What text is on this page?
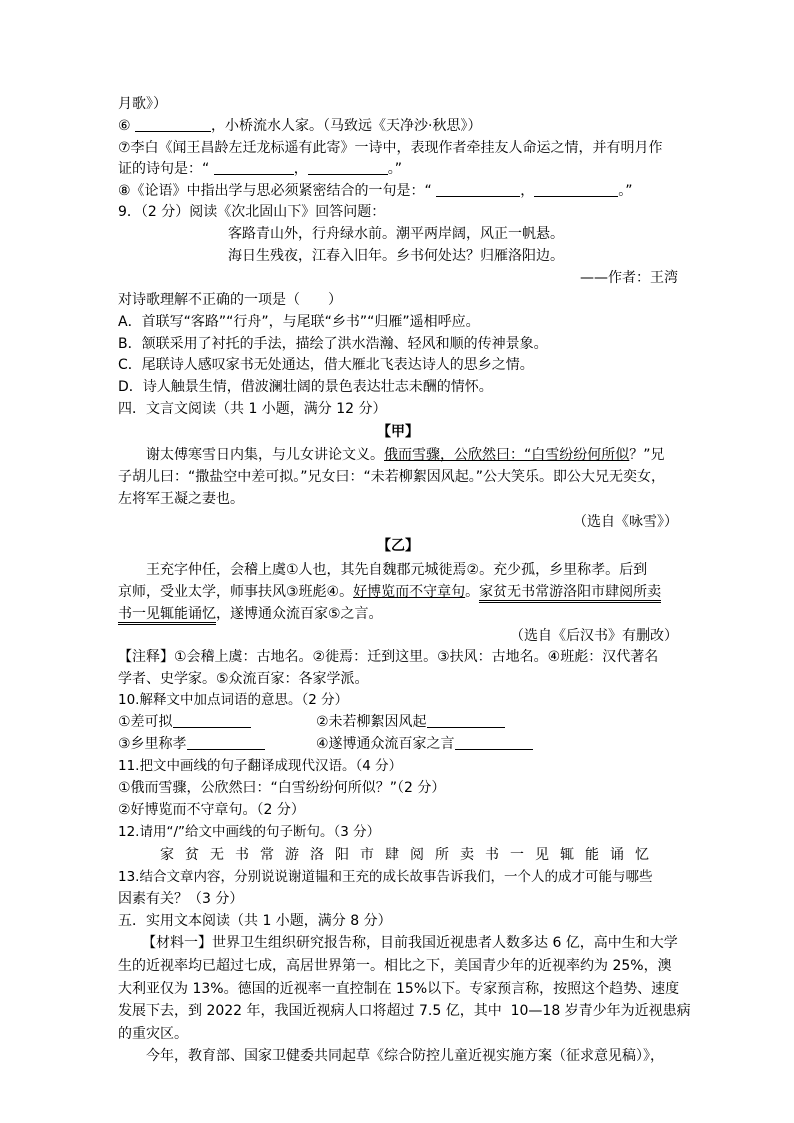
月歌》）
⑥	，小桥流水人家。（马致远《天净沙·秋思》）
⑦李白《闻王昌龄左迁龙标遥有此寄》一诗中，表现作者牵挂友人命运之情，并有明月作
证的诗句是：“	，	。”
⑧《论语》中指出学与思必须紧密结合的一句是：“	，	。”
9．（2 分）阅读《次北固山下》回答问题：
客路青山外，行舟绿水前。潮平两岸阔，风正一帆悬。
海日生残夜，江春入旧年。乡书何处达？归雁洛阳边。
——作者：王湾
对诗歌理解不正确的一项是（　　）
A．首联写“客路”“行舟”，与尾联“乡书”“归雁”遥相呼应。
B．颔联采用了衬托的手法，描绘了洪水浩瀚、轻风和顺的传神景象。
C．尾联诗人感叹家书无处通达，借大雁北飞表达诗人的思乡之情。
D．诗人触景生情，借波澜壮阔的景色表达壮志未酬的情怀。
四．文言文阅读（共 1 小题，满分 12 分）
【甲】
谢太傅寒雪日内集，与儿女讲论文义。俄而雪骤，公欣然曰：“白雪纷纷何所似？”兄
子胡儿曰：“撒盐空中差可拟。”兄女曰：“未若柳絮因风起。”公大笑乐。即公大兄无奕女，
左将军王凝之妻也。
（选自《咏雪》）
【乙】
王充字仲任，会稽上虞①人也，其先自魏郡元城徙焉②。充少孤，乡里称孝。后到
京师，受业太学，师事扶风③班彪④。好博览而不守章句。家贫无书常游洛阳市肆阅所卖
书一见辄能诵忆，遂博通众流百家⑤之言。
（选自《后汉书》有删改）
【注释】①会稽上虞：古地名。②徙焉：迁到这里。③扶风：古地名。④班彪：汉代著名
学者、史学家。⑤众流百家：各家学派。
10.解释文中加点词语的意思。（2 分）
①差可拟	②未若柳絮因风起
③乡里称孝	④遂博通众流百家之言
11.把文中画线的句子翻译成现代汉语。（4 分）
①俄而雪骤，公欣然曰：“白雪纷纷何所似？”（2 分）
②好博览而不守章句。（2 分）
12.请用“/”给文中画线的句子断句。（3 分）
家贫无书常游洛阳市肆阅所卖书一见辄能诵忆
13.结合文章内容，分别说说谢道韫和王充的成长故事告诉我们，一个人的成才可能与哪些
因素有关？（3 分）
五．实用文本阅读（共 1 小题，满分 8 分）
【材料一】世界卫生组织研究报告称，目前我国近视患者人数多达 6 亿，高中生和大学
生的近视率均已超过七成，高居世界第一。相比之下，美国青少年的近视率约为 25%，澳
大利亚仅为 13%。德国的近视率一直控制在 15%以下。专家预言称，按照这个趋势、速度
发展下去，到 2022 年，我国近视病人口将超过 7.5 亿，其中  10—18 岁青少年为近视患病
的重灾区。
今年，教育部、国家卫健委共同起草《综合防控儿童近视实施方案（征求意见稿）》，
